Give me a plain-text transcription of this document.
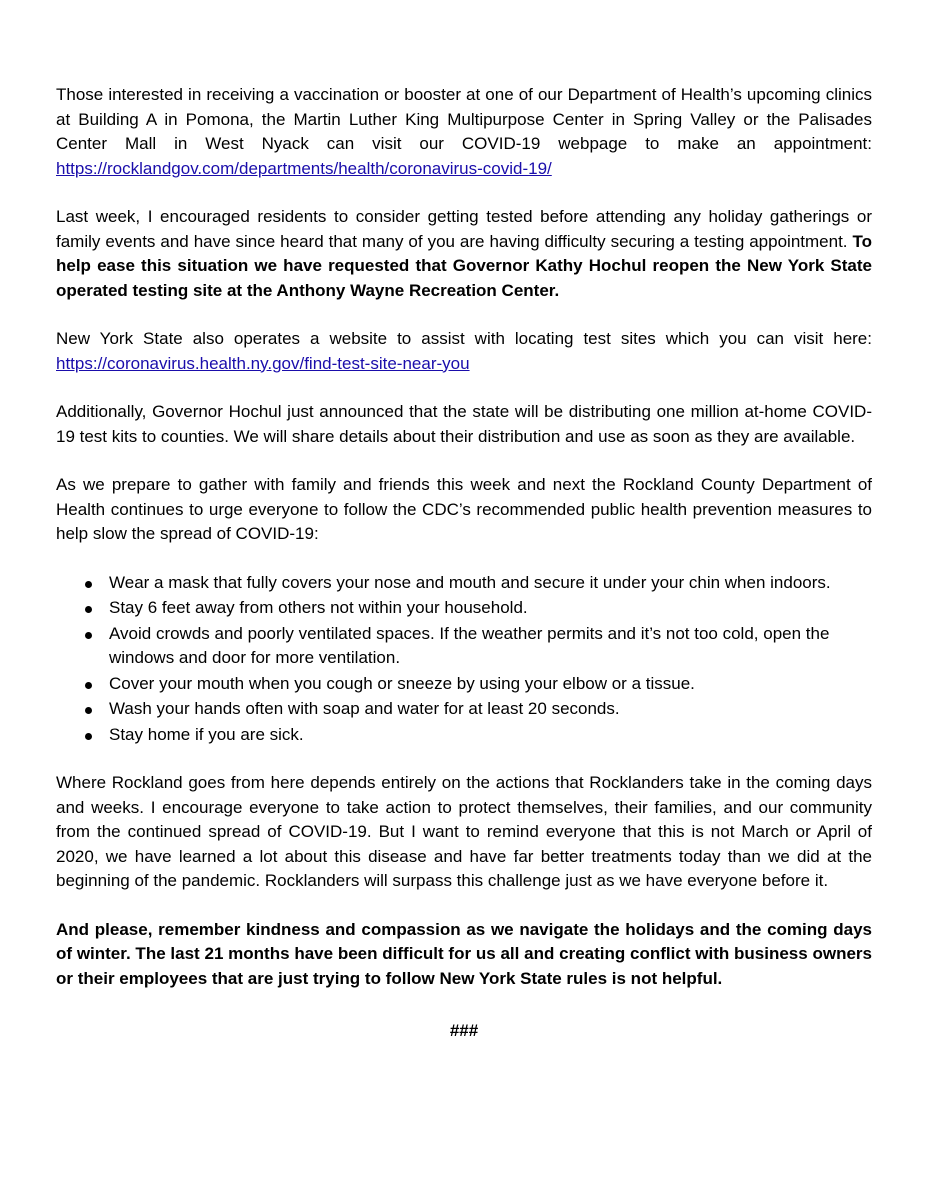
Those interested in receiving a vaccination or booster at one of our Department of Health’s upcoming clinics at Building A in Pomona, the Martin Luther King Multipurpose Center in Spring Valley or the Palisades Center Mall in West Nyack can visit our COVID-19 webpage to make an appointment: https://rocklandgov.com/departments/health/coronavirus-covid-19/

Last week, I encouraged residents to consider getting tested before attending any holiday gatherings or family events and have since heard that many of you are having difficulty securing a testing appointment. To help ease this situation we have requested that Governor Kathy Hochul reopen the New York State operated testing site at the Anthony Wayne Recreation Center.

New York State also operates a website to assist with locating test sites which you can visit here: https://coronavirus.health.ny.gov/find-test-site-near-you

Additionally, Governor Hochul just announced that the state will be distributing one million at-home COVID-19 test kits to counties. We will share details about their distribution and use as soon as they are available.

As we prepare to gather with family and friends this week and next the Rockland County Department of Health continues to urge everyone to follow the CDC’s recommended public health prevention measures to help slow the spread of COVID-19:

Wear a mask that fully covers your nose and mouth and secure it under your chin when indoors.
Stay 6 feet away from others not within your household.
Avoid crowds and poorly ventilated spaces. If the weather permits and it’s not too cold, open the windows and door for more ventilation.
Cover your mouth when you cough or sneeze by using your elbow or a tissue.
Wash your hands often with soap and water for at least 20 seconds.
Stay home if you are sick.

Where Rockland goes from here depends entirely on the actions that Rocklanders take in the coming days and weeks. I encourage everyone to take action to protect themselves, their families, and our community from the continued spread of COVID-19. But I want to remind everyone that this is not March or April of 2020, we have learned a lot about this disease and have far better treatments today than we did at the beginning of the pandemic. Rocklanders will surpass this challenge just as we have everyone before it.

And please, remember kindness and compassion as we navigate the holidays and the coming days of winter. The last 21 months have been difficult for us all and creating conflict with business owners or their employees that are just trying to follow New York State rules is not helpful.

###
